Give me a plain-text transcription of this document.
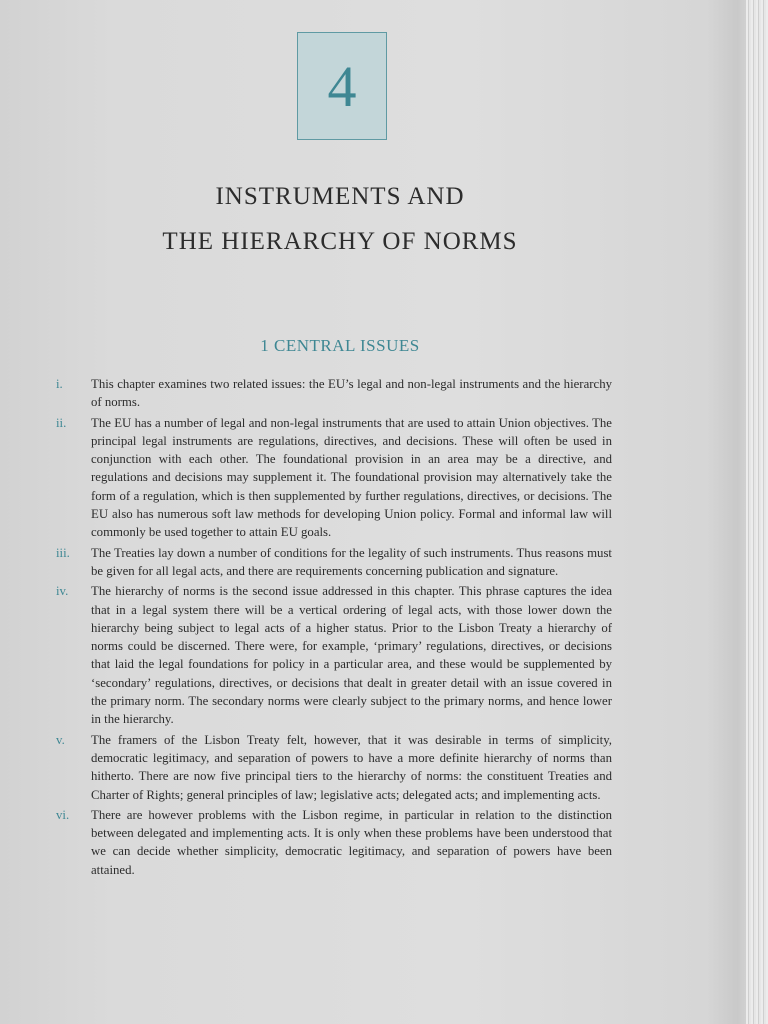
4
INSTRUMENTS AND
THE HIERARCHY OF NORMS
1 CENTRAL ISSUES
i.	This chapter examines two related issues: the EU’s legal and non-legal instruments and the hierarchy of norms.
ii.	The EU has a number of legal and non-legal instruments that are used to attain Union objectives. The principal legal instruments are regulations, directives, and decisions. These will often be used in conjunction with each other. The foundational provision in an area may be a directive, and regulations and decisions may supplement it. The foundational provision may alternatively take the form of a regulation, which is then supplemented by further regulations, directives, or decisions. The EU also has numerous soft law methods for developing Union policy. Formal and informal law will commonly be used together to attain EU goals.
iii.	The Treaties lay down a number of conditions for the legality of such instruments. Thus reasons must be given for all legal acts, and there are requirements concerning publication and signature.
iv.	The hierarchy of norms is the second issue addressed in this chapter. This phrase captures the idea that in a legal system there will be a vertical ordering of legal acts, with those lower down the hierarchy being subject to legal acts of a higher status. Prior to the Lisbon Treaty a hierarchy of norms could be discerned. There were, for example, ‘primary’ regulations, directives, or decisions that laid the legal foundations for policy in a particular area, and these would be supplemented by ‘secondary’ regulations, directives, or decisions that dealt in greater detail with an issue covered in the primary norm. The secondary norms were clearly subject to the primary norms, and hence lower in the hierarchy.
v.	The framers of the Lisbon Treaty felt, however, that it was desirable in terms of simplicity, democratic legitimacy, and separation of powers to have a more definite hierarchy of norms than hitherto. There are now five principal tiers to the hierarchy of norms: the constituent Treaties and Charter of Rights; general principles of law; legislative acts; delegated acts; and implementing acts.
vi.	There are however problems with the Lisbon regime, in particular in relation to the distinction between delegated and implementing acts. It is only when these problems have been understood that we can decide whether simplicity, democratic legitimacy, and separation of powers have been attained.
